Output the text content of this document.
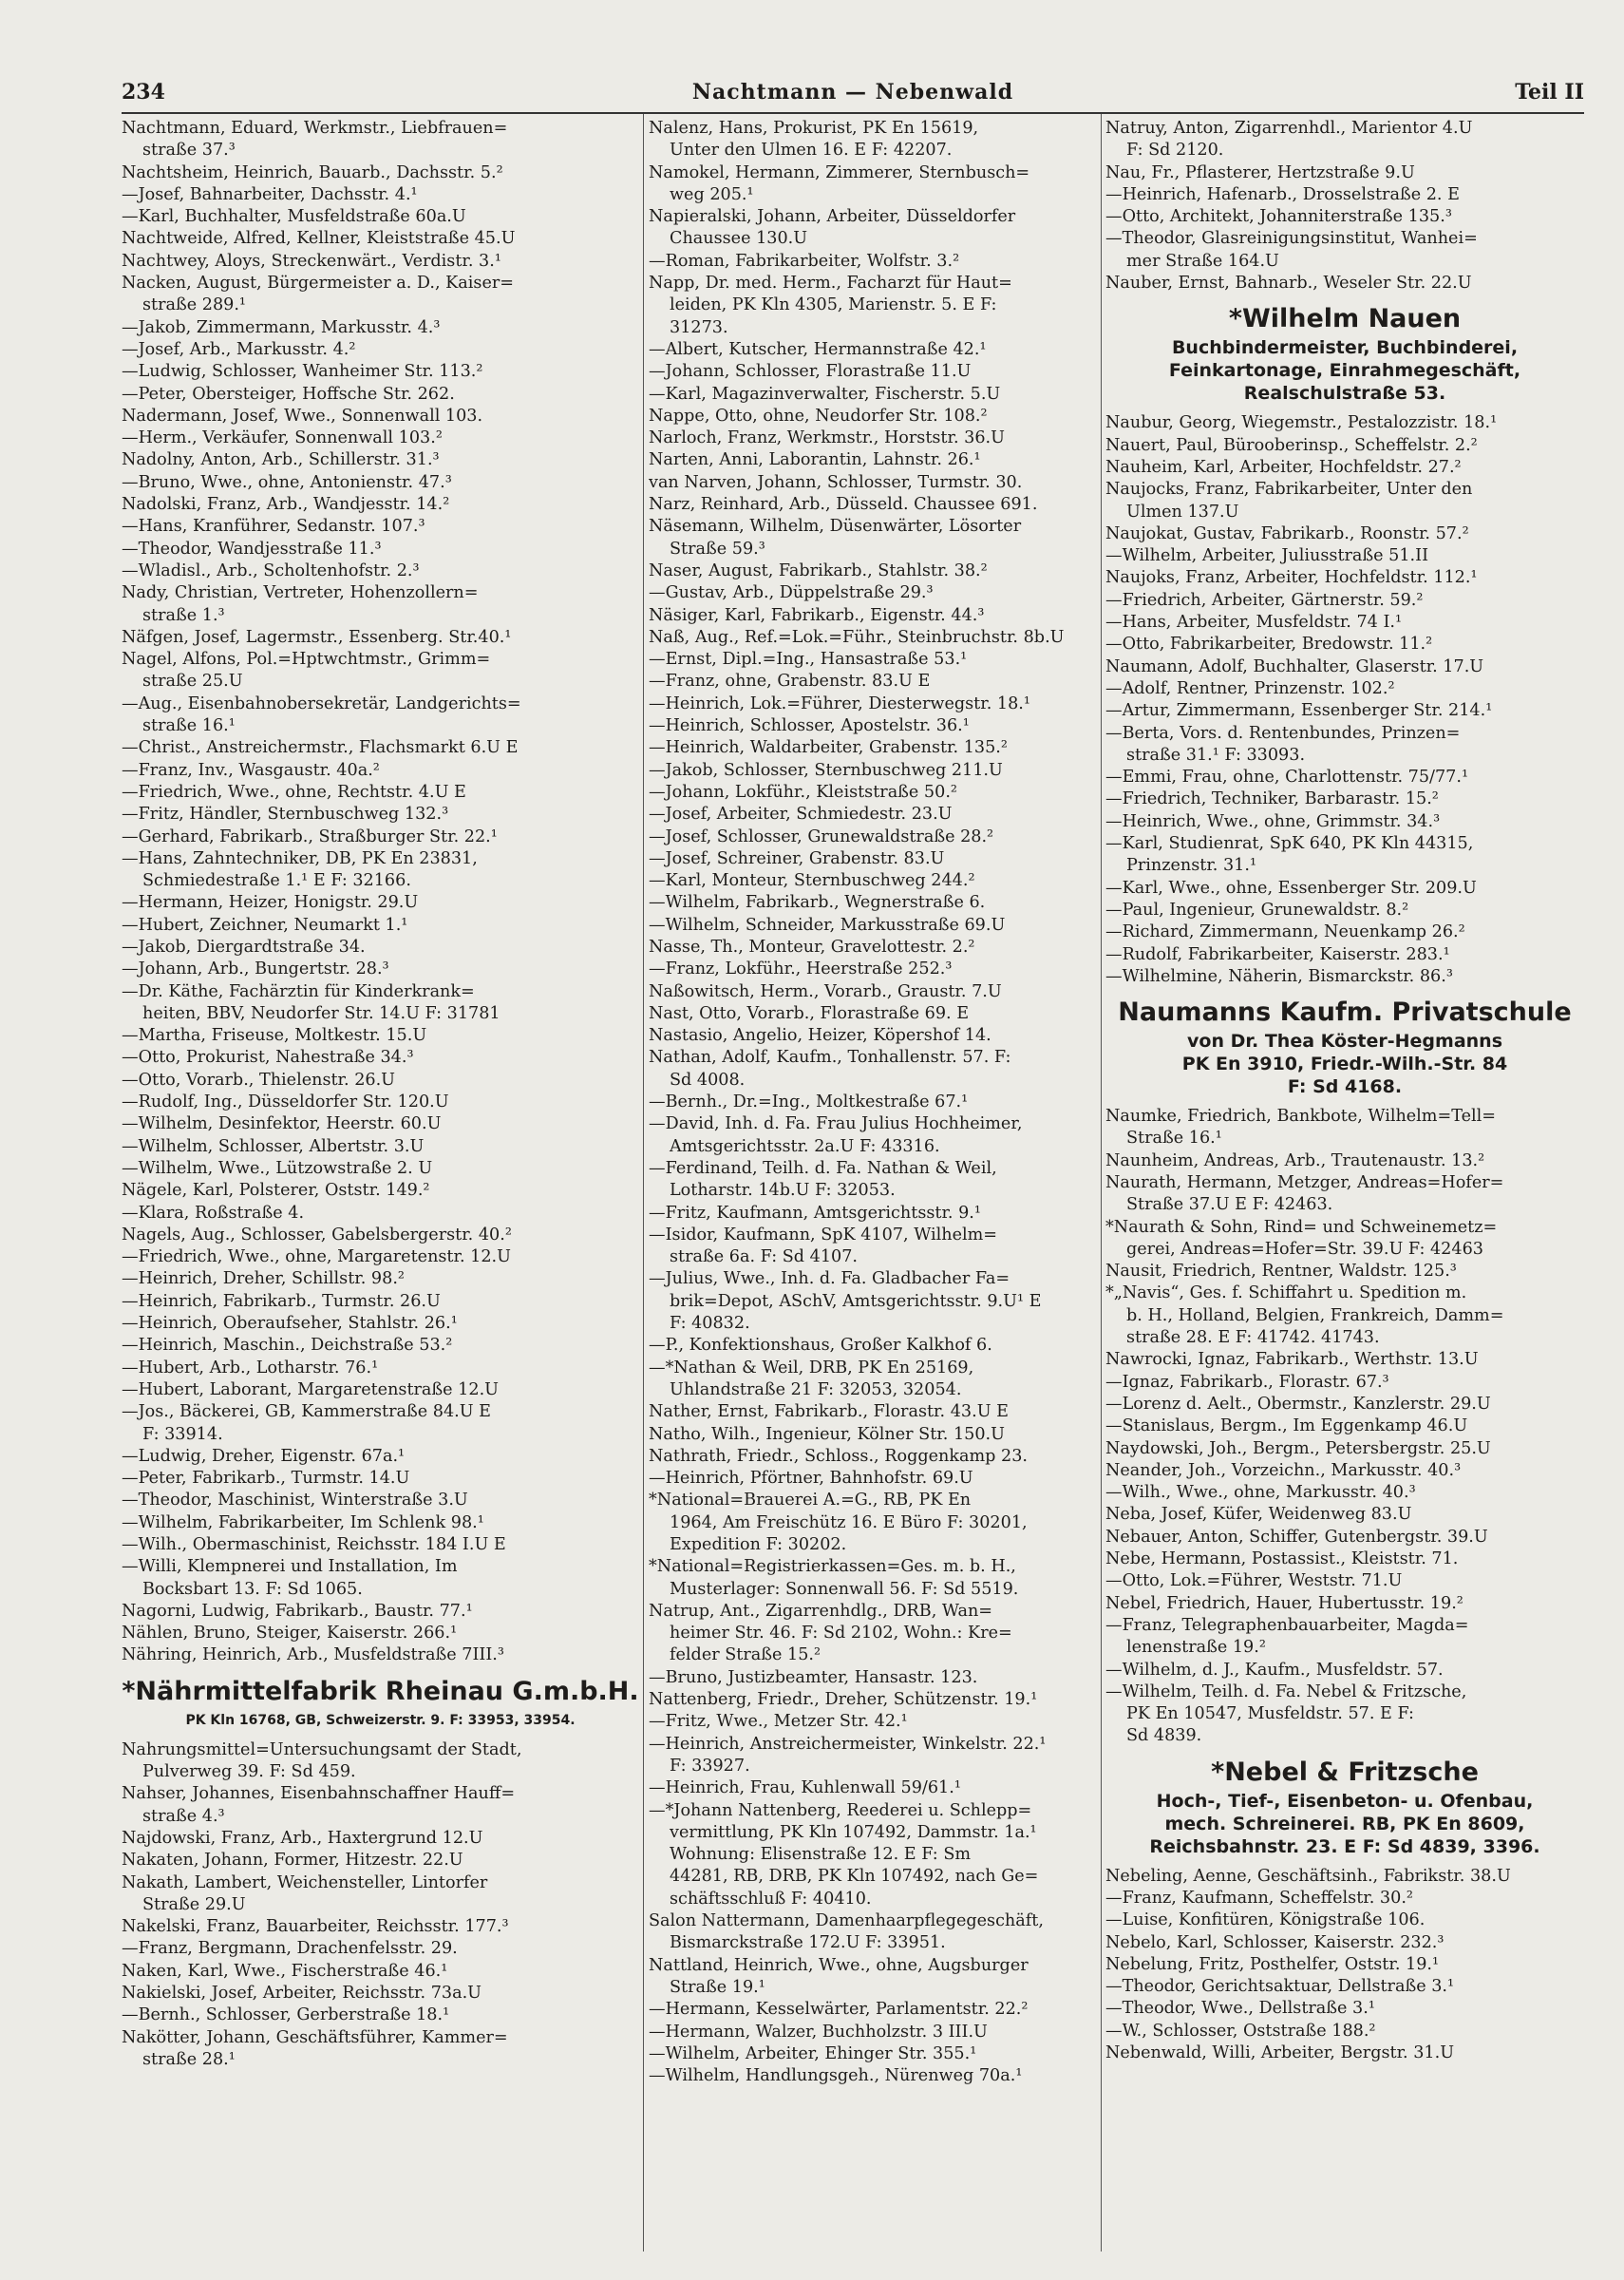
234	Nachtmann — Nebenwald	Teil II
Nachtmann, Eduard, Werkmstr., Liebfrauen=
straße 37.³
Nachtsheim, Heinrich, Bauarb., Dachsstr. 5.²
—Josef, Bahnarbeiter, Dachsstr. 4.¹
—Karl, Buchhalter, Musfeldstraße 60a.U
Nachtweide, Alfred, Kellner, Kleiststraße 45.U
Nachtwey, Aloys, Streckenwärt., Verdistr. 3.¹
Nacken, August, Bürgermeister a. D., Kaiser=
straße 289.¹
—Jakob, Zimmermann, Markusstr. 4.³
—Josef, Arb., Markusstr. 4.²
—Ludwig, Schlosser, Wanheimer Str. 113.²
—Peter, Obersteiger, Hoffsche Str. 262.
Nadermann, Josef, Wwe., Sonnenwall 103.
—Herm., Verkäufer, Sonnenwall 103.²
Nadolny, Anton, Arb., Schillerstr. 31.³
—Bruno, Wwe., ohne, Antonienstr. 47.³
Nadolski, Franz, Arb., Wandjesstr. 14.²
—Hans, Kranführer, Sedanstr. 107.³
—Theodor, Wandjesstraße 11.³
—Wladisl., Arb., Scholtenhofstr. 2.³
Nady, Christian, Vertreter, Hohenzollern=
straße 1.³
Näfgen, Josef, Lagermstr., Essenberg. Str.40.¹
Nagel, Alfons, Pol.=Hptwchtmstr., Grimm=
straße 25.U
—Aug., Eisenbahnobersekretär, Landgerichts=
straße 16.¹
—Christ., Anstreichermstr., Flachsmarkt 6.U E
—Franz, Inv., Wasgaustr. 40a.²
—Friedrich, Wwe., ohne, Rechtstr. 4.U E
—Fritz, Händler, Sternbuschweg 132.³
—Gerhard, Fabrikarb., Straßburger Str. 22.¹
—Hans, Zahntechniker, DB, PK En 23831,
Schmiedestraße 1.¹ E F: 32166.
—Hermann, Heizer, Honigstr. 29.U
—Hubert, Zeichner, Neumarkt 1.¹
—Jakob, Diergardtstraße 34.
—Johann, Arb., Bungertstr. 28.³
—Dr. Käthe, Fachärztin für Kinderkrank=
heiten, BBV, Neudorfer Str. 14.U F: 31781
—Martha, Friseuse, Moltkestr. 15.U
—Otto, Prokurist, Nahestraße 34.³
—Otto, Vorarb., Thielenstr. 26.U
—Rudolf, Ing., Düsseldorfer Str. 120.U
—Wilhelm, Desinfektor, Heerstr. 60.U
—Wilhelm, Schlosser, Albertstr. 3.U
—Wilhelm, Wwe., Lützowstraße 2. U
Nägele, Karl, Polsterer, Oststr. 149.²
—Klara, Roßstraße 4.
Nagels, Aug., Schlosser, Gabelsbergerstr. 40.²
—Friedrich, Wwe., ohne, Margaretenstr. 12.U
—Heinrich, Dreher, Schillstr. 98.²
—Heinrich, Fabrikarb., Turmstr. 26.U
—Heinrich, Oberaufseher, Stahlstr. 26.¹
—Heinrich, Maschin., Deichstraße 53.²
—Hubert, Arb., Lotharstr. 76.¹
—Hubert, Laborant, Margaretenstraße 12.U
—Jos., Bäckerei, GB, Kammerstraße 84.U E
F: 33914.
—Ludwig, Dreher, Eigenstr. 67a.¹
—Peter, Fabrikarb., Turmstr. 14.U
—Theodor, Maschinist, Winterstraße 3.U
—Wilhelm, Fabrikarbeiter, Im Schlenk 98.¹
—Wilh., Obermaschinist, Reichsstr. 184 I.U E
—Willi, Klempnerei und Installation, Im
Bocksbart 13. F: Sd 1065.
Nagorni, Ludwig, Fabrikarb., Baustr. 77.¹
Nählen, Bruno, Steiger, Kaiserstr. 266.¹
Nähring, Heinrich, Arb., Musfeldstraße 7III.³
*Nährmittelfabrik Rheinau G.m.b.H.
PK Kln 16768, GB, Schweizerstr. 9. F: 33953, 33954.
Nahrungsmittel=Untersuchungsamt der Stadt,
Pulverweg 39. F: Sd 459.
Nahser, Johannes, Eisenbahnschaffner Hauff=
straße 4.³
Najdowski, Franz, Arb., Haxtergrund 12.U
Nakaten, Johann, Former, Hitzestr. 22.U
Nakath, Lambert, Weichensteller, Lintorfer
Straße 29.U
Nakelski, Franz, Bauarbeiter, Reichsstr. 177.³
—Franz, Bergmann, Drachenfelsstr. 29.
Naken, Karl, Wwe., Fischerstraße 46.¹
Nakielski, Josef, Arbeiter, Reichsstr. 73a.U
—Bernh., Schlosser, Gerberstraße 18.¹
Nakötter, Johann, Geschäftsführer, Kammer=
straße 28.¹
Nalenz, Hans, Prokurist, PK En 15619,
Unter den Ulmen 16. E F: 42207.
Namokel, Hermann, Zimmerer, Sternbusch=
weg 205.¹
Napieralski, Johann, Arbeiter, Düsseldorfer
Chaussee 130.U
—Roman, Fabrikarbeiter, Wolfstr. 3.²
Napp, Dr. med. Herm., Facharzt für Haut=
leiden, PK Kln 4305, Marienstr. 5. E F:
31273.
—Albert, Kutscher, Hermannstraße 42.¹
—Johann, Schlosser, Florastraße 11.U
—Karl, Magazinverwalter, Fischerstr. 5.U
Nappe, Otto, ohne, Neudorfer Str. 108.²
Narloch, Franz, Werkmstr., Horststr. 36.U
Narten, Anni, Laborantin, Lahnstr. 26.¹
van Narven, Johann, Schlosser, Turmstr. 30.
Narz, Reinhard, Arb., Düsseld. Chaussee 691.
Näsemann, Wilhelm, Düsenwärter, Lösorter
Straße 59.³
Naser, August, Fabrikarb., Stahlstr. 38.²
—Gustav, Arb., Düppelstraße 29.³
Näsiger, Karl, Fabrikarb., Eigenstr. 44.³
Naß, Aug., Ref.=Lok.=Führ., Steinbruchstr. 8b.U
—Ernst, Dipl.=Ing., Hansastraße 53.¹
—Franz, ohne, Grabenstr. 83.U E
—Heinrich, Lok.=Führer, Diesterwegstr. 18.¹
—Heinrich, Schlosser, Apostelstr. 36.¹
—Heinrich, Waldarbeiter, Grabenstr. 135.²
—Jakob, Schlosser, Sternbuschweg 211.U
—Johann, Lokführ., Kleiststraße 50.²
—Josef, Arbeiter, Schmiedestr. 23.U
—Josef, Schlosser, Grunewaldstraße 28.²
—Josef, Schreiner, Grabenstr. 83.U
—Karl, Monteur, Sternbuschweg 244.²
—Wilhelm, Fabrikarb., Wegnerstraße 6.
—Wilhelm, Schneider, Markusstraße 69.U
Nasse, Th., Monteur, Gravelottestr. 2.²
—Franz, Lokführ., Heerstraße 252.³
Naßowitsch, Herm., Vorarb., Graustr. 7.U
Nast, Otto, Vorarb., Florastraße 69. E
Nastasio, Angelio, Heizer, Köpershof 14.
Nathan, Adolf, Kaufm., Tonhallenstr. 57. F:
Sd 4008.
—Bernh., Dr.=Ing., Moltkestraße 67.¹
—David, Inh. d. Fa. Frau Julius Hochheimer,
Amtsgerichtsstr. 2a.U F: 43316.
—Ferdinand, Teilh. d. Fa. Nathan & Weil,
Lotharstr. 14b.U F: 32053.
—Fritz, Kaufmann, Amtsgerichtsstr. 9.¹
—Isidor, Kaufmann, SpK 4107, Wilhelm=
straße 6a. F: Sd 4107.
—Julius, Wwe., Inh. d. Fa. Gladbacher Fa=
brik=Depot, ASchV, Amtsgerichtsstr. 9.U¹ E
F: 40832.
—P., Konfektionshaus, Großer Kalkhof 6.
—*Nathan & Weil, DRB, PK En 25169,
Uhlandstraße 21 F: 32053, 32054.
Nather, Ernst, Fabrikarb., Florastr. 43.U E
Natho, Wilh., Ingenieur, Kölner Str. 150.U
Nathrath, Friedr., Schloss., Roggenkamp 23.
—Heinrich, Pförtner, Bahnhofstr. 69.U
*National=Brauerei A.=G., RB, PK En
1964, Am Freischütz 16. E Büro F: 30201,
Expedition F: 30202.
*National=Registrierkassen=Ges. m. b. H.,
Musterlager: Sonnenwall 56. F: Sd 5519.
Natrup, Ant., Zigarrenhdlg., DRB, Wan=
heimer Str. 46. F: Sd 2102, Wohn.: Kre=
felder Straße 15.²
—Bruno, Justizbeamter, Hansastr. 123.
Nattenberg, Friedr., Dreher, Schützenstr. 19.¹
—Fritz, Wwe., Metzer Str. 42.¹
—Heinrich, Anstreichermeister, Winkelstr. 22.¹
F: 33927.
—Heinrich, Frau, Kuhlenwall 59/61.¹
—*Johann Nattenberg, Reederei u. Schlepp=
vermittlung, PK Kln 107492, Dammstr. 1a.¹
Wohnung: Elisenstraße 12. E F: Sm
44281, RB, DRB, PK Kln 107492, nach Ge=
schäftsschluß F: 40410.
Salon Nattermann, Damenhaarpflegegeschäft,
Bismarckstraße 172.U F: 33951.
Nattland, Heinrich, Wwe., ohne, Augsburger
Straße 19.¹
—Hermann, Kesselwärter, Parlamentstr. 22.²
—Hermann, Walzer, Buchholzstr. 3 III.U
—Wilhelm, Arbeiter, Ehinger Str. 355.¹
—Wilhelm, Handlungsgeh., Nürenweg 70a.¹
Natruy, Anton, Zigarrenhdl., Marientor 4.U
F: Sd 2120.
Nau, Fr., Pflasterer, Hertzstraße 9.U
—Heinrich, Hafenarb., Drosselstraße 2. E
—Otto, Architekt, Johanniterstraße 135.³
—Theodor, Glasreinigungsinstitut, Wanhei=
mer Straße 164.U
Nauber, Ernst, Bahnarb., Weseler Str. 22.U
*Wilhelm Nauen
Buchbindermeister, Buchbinderei,
Feinkartonage, Einrahmegeschäft,
Realschulstraße 53.
Naubur, Georg, Wiegemstr., Pestalozzistr. 18.¹
Nauert, Paul, Bürooberinsp., Scheffelstr. 2.²
Nauheim, Karl, Arbeiter, Hochfeldstr. 27.²
Naujocks, Franz, Fabrikarbeiter, Unter den
Ulmen 137.U
Naujokat, Gustav, Fabrikarb., Roonstr. 57.²
—Wilhelm, Arbeiter, Juliusstraße 51.II
Naujoks, Franz, Arbeiter, Hochfeldstr. 112.¹
—Friedrich, Arbeiter, Gärtnerstr. 59.²
—Hans, Arbeiter, Musfeldstr. 74 I.¹
—Otto, Fabrikarbeiter, Bredowstr. 11.²
Naumann, Adolf, Buchhalter, Glaserstr. 17.U
—Adolf, Rentner, Prinzenstr. 102.²
—Artur, Zimmermann, Essenberger Str. 214.¹
—Berta, Vors. d. Rentenbundes, Prinzen=
straße 31.¹ F: 33093.
—Emmi, Frau, ohne, Charlottenstr. 75/77.¹
—Friedrich, Techniker, Barbarastr. 15.²
—Heinrich, Wwe., ohne, Grimmstr. 34.³
—Karl, Studienrat, SpK 640, PK Kln 44315,
Prinzenstr. 31.¹
—Karl, Wwe., ohne, Essenberger Str. 209.U
—Paul, Ingenieur, Grunewaldstr. 8.²
—Richard, Zimmermann, Neuenkamp 26.²
—Rudolf, Fabrikarbeiter, Kaiserstr. 283.¹
—Wilhelmine, Näherin, Bismarckstr. 86.³
Naumanns Kaufm. Privatschule
von Dr. Thea Köster-Hegmanns
PK En 3910, Friedr.-Wilh.-Str. 84
F: Sd 4168.
Naumke, Friedrich, Bankbote, Wilhelm=Tell=
Straße 16.¹
Naunheim, Andreas, Arb., Trautenaustr. 13.²
Naurath, Hermann, Metzger, Andreas=Hofer=
Straße 37.U E F: 42463.
*Naurath & Sohn, Rind= und Schweinemetz=
gerei, Andreas=Hofer=Str. 39.U F: 42463
Nausit, Friedrich, Rentner, Waldstr. 125.³
*„Navis“, Ges. f. Schiffahrt u. Spedition m.
b. H., Holland, Belgien, Frankreich, Damm=
straße 28. E F: 41742. 41743.
Nawrocki, Ignaz, Fabrikarb., Werthstr. 13.U
—Ignaz, Fabrikarb., Florastr. 67.³
—Lorenz d. Aelt., Obermstr., Kanzlerstr. 29.U
—Stanislaus, Bergm., Im Eggenkamp 46.U
Naydowski, Joh., Bergm., Petersbergstr. 25.U
Neander, Joh., Vorzeichn., Markusstr. 40.³
—Wilh., Wwe., ohne, Markusstr. 40.³
Neba, Josef, Küfer, Weidenweg 83.U
Nebauer, Anton, Schiffer, Gutenbergstr. 39.U
Nebe, Hermann, Postassist., Kleiststr. 71.
—Otto, Lok.=Führer, Weststr. 71.U
Nebel, Friedrich, Hauer, Hubertusstr. 19.²
—Franz, Telegraphenbauarbeiter, Magda=
lenenstraße 19.²
—Wilhelm, d. J., Kaufm., Musfeldstr. 57.
—Wilhelm, Teilh. d. Fa. Nebel & Fritzsche,
PK En 10547, Musfeldstr. 57. E F:
Sd 4839.
*Nebel & Fritzsche
Hoch-, Tief-, Eisenbeton- u. Ofenbau,
mech. Schreinerei. RB, PK En 8609,
Reichsbahnstr. 23. E F: Sd 4839, 3396.
Nebeling, Aenne, Geschäftsinh., Fabrikstr. 38.U
—Franz, Kaufmann, Scheffelstr. 30.²
—Luise, Konfitüren, Königstraße 106.
Nebelo, Karl, Schlosser, Kaiserstr. 232.³
Nebelung, Fritz, Posthelfer, Oststr. 19.¹
—Theodor, Gerichtsaktuar, Dellstraße 3.¹
—Theodor, Wwe., Dellstraße 3.¹
—W., Schlosser, Oststraße 188.²
Nebenwald, Willi, Arbeiter, Bergstr. 31.U
